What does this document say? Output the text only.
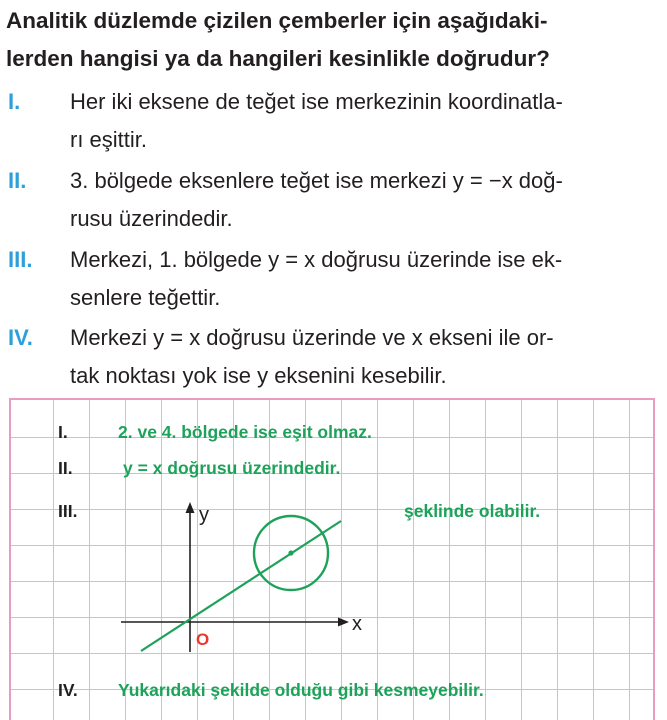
Analitik düzlemde çizilen çemberler için aşağıdaki-
lerden hangisi ya da hangileri kesinlikle doğrudur?
I. Her iki eksene de teğet ise merkezinin koordinatla-
rı eşittir.
II. 3. bölgede eksenlere teğet ise merkezi y = −x doğ-
rusu üzerindedir.
III. Merkezi, 1. bölgede y = x doğrusu üzerinde ise ek-
senlere teğettir.
IV. Merkezi y = x doğrusu üzerinde ve x ekseni ile or-
tak noktası yok ise y eksenini kesebilir.
I.	2. ve 4. bölgede ise eşit olmaz.
II.	y = x doğrusu üzerindedir.
III.	şeklinde olabilir.
y
x
O
IV. Yukarıdaki şekilde olduğu gibi kesmeyebilir.
